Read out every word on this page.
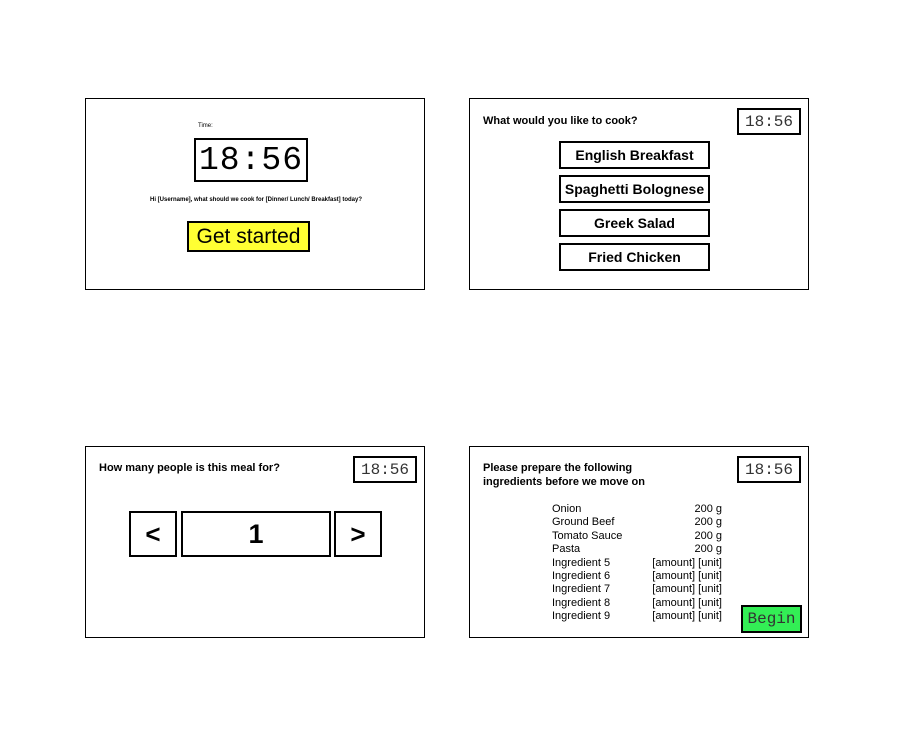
Time:
18:56
Hi [Username], what should we cook for [Dinner/ Lunch/ Breakfast] today?
Get started
What would you like to cook?	18:56
English Breakfast
Spaghetti Bolognese
Greek Salad
Fried Chicken
How many people is this meal for?	18:56
<	1	>
Please prepare the following
ingredients before we move on
18:56
Onion	200 g
Ground Beef	200 g
Tomato Sauce	200 g
Pasta	200 g
Ingredient 5	[amount] [unit]
Ingredient 6	[amount] [unit]
Ingredient 7	[amount] [unit]
Ingredient 8	[amount] [unit]
Ingredient 9	[amount] [unit]	Begin
